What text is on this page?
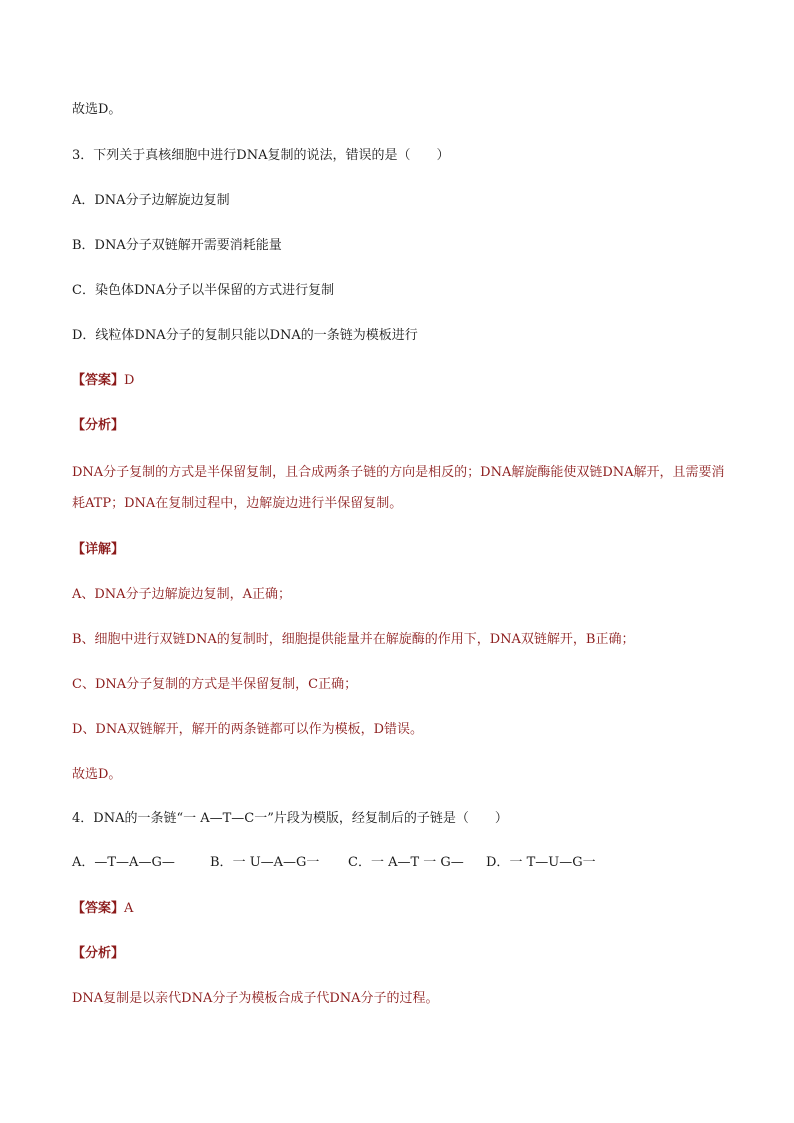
故选D。
3．下列关于真核细胞中进行DNA复制的说法，错误的是（　　）
A．DNA分子边解旋边复制
B．DNA分子双链解开需要消耗能量
C．染色体DNA分子以半保留的方式进行复制
D．线粒体DNA分子的复制只能以DNA的一条链为模板进行
【答案】D
【分析】
DNA分子复制的方式是半保留复制，且合成两条子链的方向是相反的；DNA解旋酶能使双链DNA解开，且需要消耗ATP；DNA在复制过程中，边解旋边进行半保留复制。
【详解】
A、DNA分子边解旋边复制，A正确；
B、细胞中进行双链DNA的复制时，细胞提供能量并在解旋酶的作用下，DNA双链解开，B正确；
C、DNA分子复制的方式是半保留复制，C正确；
D、DNA双链解开，解开的两条链都可以作为模板，D错误。
故选D。
4．DNA的一条链“一 A—T—C一”片段为模版，经复制后的子链是（　　）
A．—T—A—G—	B．一 U—A—G一 C．一 A—T 一 G— D．一 T—U—G一
【答案】A
【分析】
DNA复制是以亲代DNA分子为模板合成子代DNA分子的过程。
